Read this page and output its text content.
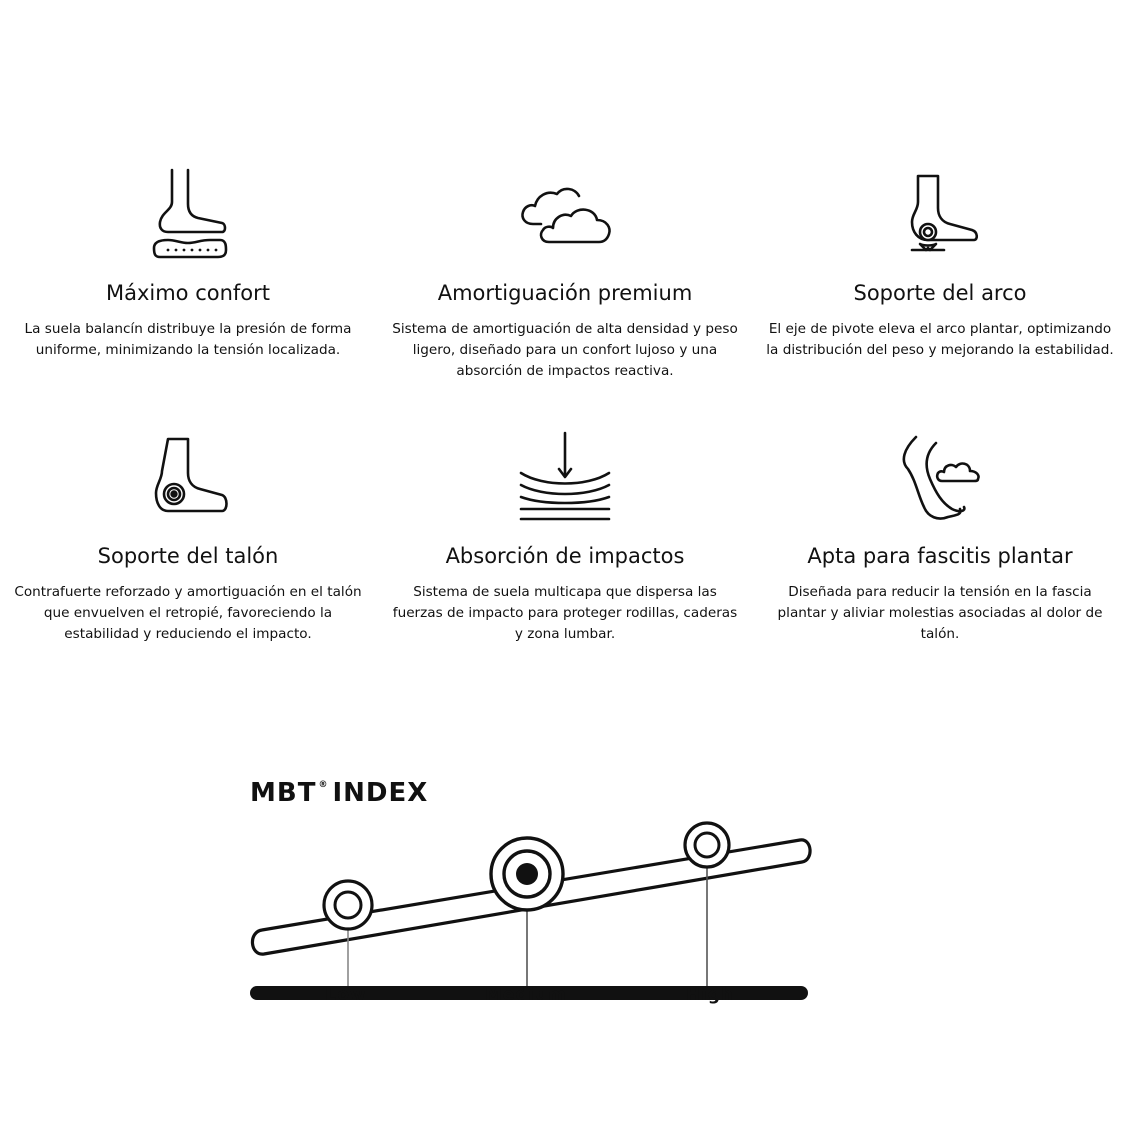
Máximo confort
La suela balancín distribuye la presión de forma uniforme, minimizando la tensión localizada.
Amortiguación premium
Sistema de amortiguación de alta densidad y peso ligero, diseñado para un confort lujoso y una absorción de impactos reactiva.
Soporte del arco
El eje de pivote eleva el arco plantar, optimizando la distribución del peso y mejorando la estabilidad.
Soporte del talón
Contrafuerte reforzado y amortiguación en el talón que envuelven el retropié, favoreciendo la estabilidad y reduciendo el impacto.
Absorción de impactos
Sistema de suela multicapa que dispersa las fuerzas de impacto para proteger rodillas, caderas y zona lumbar.
Apta para fascitis plantar
Diseñada para reducir la tensión en la fascia plantar y aliviar molestias asociadas al dolor de talón.
MBT ® INDEX
Low	Medium	High
